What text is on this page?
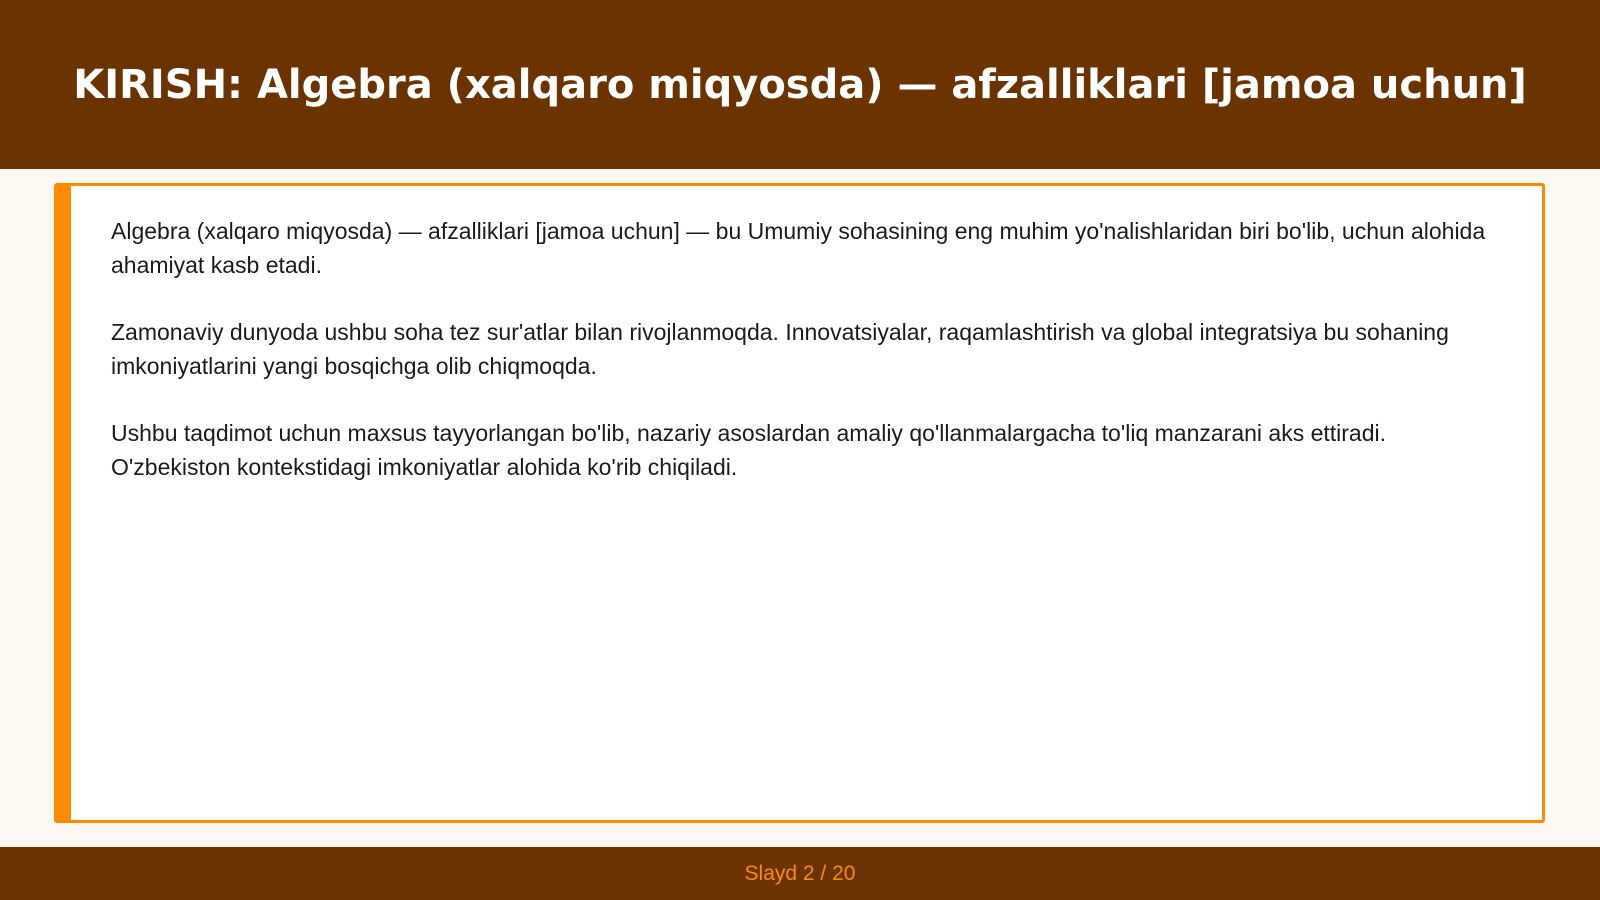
KIRISH: Algebra (xalqaro miqyosda) — afzalliklari [jamoa uchun]

Algebra (xalqaro miqyosda) — afzalliklari [jamoa uchun] — bu Umumiy sohasining eng muhim yo'nalishlaridan biri bo'lib, uchun alohida ahamiyat kasb etadi.

Zamonaviy dunyoda ushbu soha tez sur'atlar bilan rivojlanmoqda. Innovatsiyalar, raqamlashtirish va global integratsiya bu sohaning imkoniyatlarini yangi bosqichga olib chiqmoqda.

Ushbu taqdimot uchun maxsus tayyorlangan bo'lib, nazariy asoslardan amaliy qo'llanmalargacha to'liq manzarani aks ettiradi. O'zbekiston kontekstidagi imkoniyatlar alohida ko'rib chiqiladi.

Slayd 2 / 20
